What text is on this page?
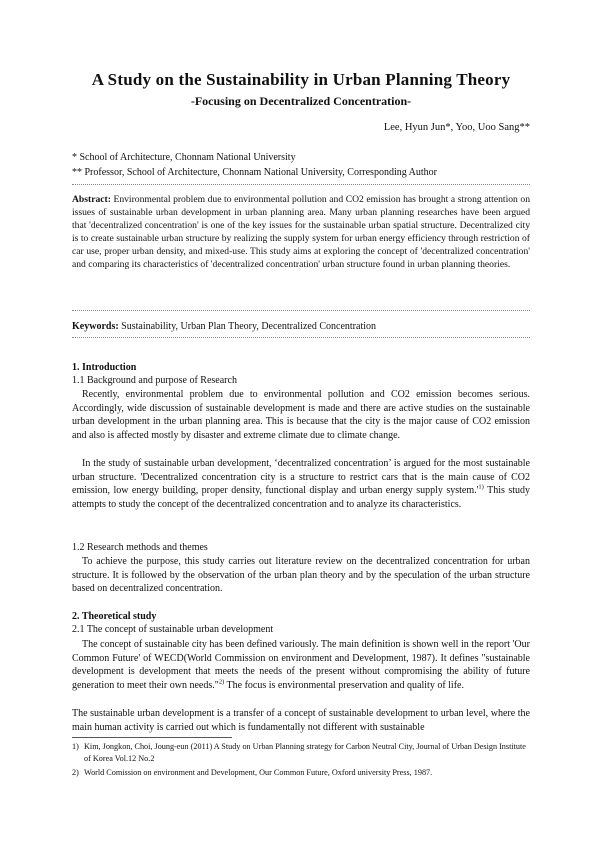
A Study on the Sustainability in Urban Planning Theory
-Focusing on Decentralized Concentration-
Lee, Hyun Jun*, Yoo, Uoo Sang**
* School of Architecture, Chonnam National University
** Professor, School of Architecture, Chonnam National University, Corresponding Author
Abstract: Environmental problem due to environmental pollution and CO2 emission has brought a strong attention on issues of sustainable urban development in urban planning area. Many urban planning researches have been argued that 'decentralized concentration' is one of the key issues for the sustainable urban spatial structure. Decentralized city is to create sustainable urban structure by realizing the supply system for urban energy efficiency through restriction of car use, proper urban density, and mixed-use. This study aims at exploring the concept of 'decentralized concentration' and comparing its characteristics of 'decentralized concentration' urban structure found in urban planning theories.
Keywords: Sustainability, Urban Plan Theory, Decentralized Concentration
1. Introduction
1.1 Background and purpose of Research
Recently, environmental problem due to environmental pollution and CO2 emission becomes serious. Accordingly, wide discussion of sustainable development is made and there are active studies on the sustainable urban development in the urban planning area. This is because that the city is the major cause of CO2 emission and also is affected mostly by disaster and extreme climate due to climate change.
In the study of sustainable urban development, ‘decentralized concentration’ is argued for the most sustainable urban structure. 'Decentralized concentration city is a structure to restrict cars that is the main cause of CO2 emission, low energy building, proper density, functional display and urban energy supply $system.'^{1)}$ This study attempts to study the concept of the decentralized concentration and to analyze its characteristics.
1.2 Research methods and themes
To achieve the purpose, this study carries out literature review on the decentralized concentration for urban structure. It is followed by the observation of the urban plan theory and by the speculation of the urban structure based on decentralized concentration.
2. Theoretical study
2.1 The concept of sustainable urban development
The concept of sustainable city has been defined variously. The main definition is shown well in the report 'Our Common Future' of WECD(World Commission on environment and Development, 1987). It defines "sustainable development is development that meets the needs of the present without compromising the ability of future generation to meet their own needs."$^{2)}$ The focus is environmental preservation and quality of life.
The sustainable urban development is a transfer of a concept of sustainable development to urban level, where the main human activity is carried out which is fundamentally not different with sustainable
1) Kim, Jongkon, Choi, Joung-eun (2011) A Study on Urban Planning strategy for Carbon Neutral City, Journal of Urban Design Institute of Korea Vol.12 No.2
2) World Comission on environment and Development, Our Common Future, Oxford university Press, 1987.
